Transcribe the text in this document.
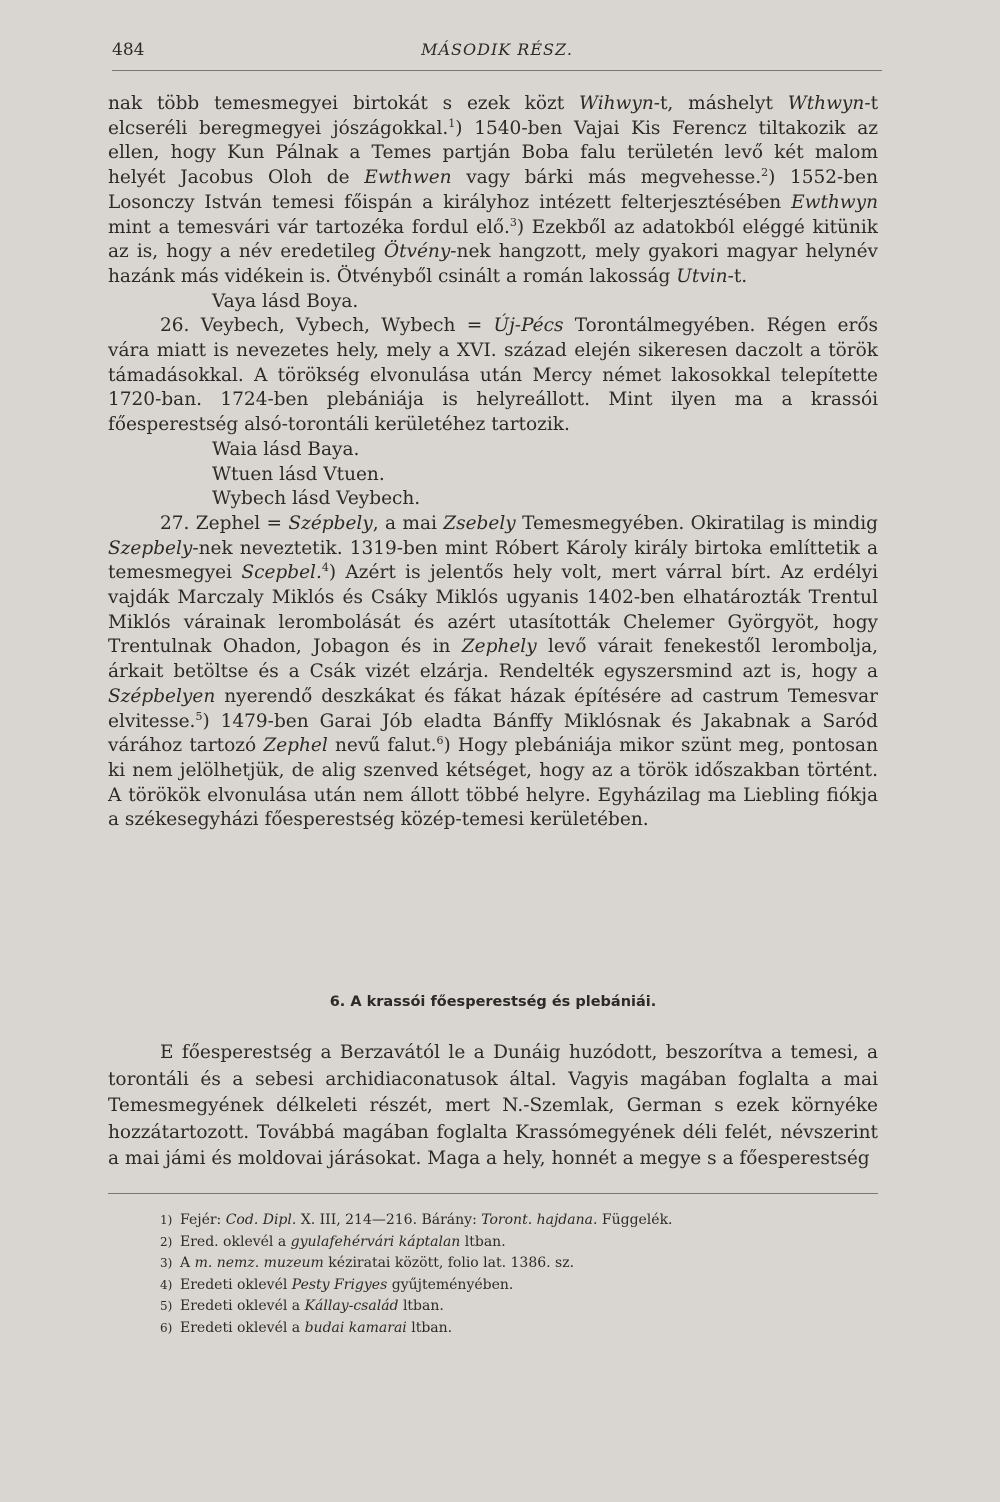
484	MÁSODIK RÉSZ.

nak több temesmegyei birtokát s ezek közt Wihwyn-t, máshelyt Wthwyn-t elcseréli beregmegyei jószágokkal.$^1$) 1540-ben Vajai Kis Ferencz tiltakozik az ellen, hogy Kun Pálnak a Temes partján Boba falu területén levő két malom helyét Jacobus Oloh de Ewthwen vagy bárki más megvehesse.$^2$) 1552-ben Losonczy István temesi főispán a királyhoz intézett felterjesztésében Ewthwyn mint a temesvári vár tartozéka fordul elő.$^3$) Ezekből az adatokból eléggé kitünik az is, hogy a név eredetileg Ötvény-nek hangzott, mely gyakori magyar helynév hazánk más vidékein is. Ötvényből csinált a román lakosság Utvin-t.

Vaya lásd Boya.

26. Veybech, Vybech, Wybech = Új-Pécs Torontálmegyében. Régen erős vára miatt is nevezetes hely, mely a XVI. század elején sikeresen daczolt a török támadásokkal. A törökség elvonulása után Mercy német lakosokkal telepítette 1720-ban. 1724-ben plebániája is helyreállott. Mint ilyen ma a krassói főesperestség alsó-torontáli kerületéhez tartozik.

Waia lásd Baya.

Wtuen lásd Vtuen.

Wybech lásd Veybech.

27. Zephel = Szépbely, a mai Zsebely Temesmegyében. Okiratilag is mindig Szepbely-nek neveztetik. 1319-ben mint Róbert Károly király birtoka említtetik a temesmegyei Scepbel.$^4$) Azért is jelentős hely volt, mert várral bírt. Az erdélyi vajdák Marczaly Miklós és Csáky Miklós ugyanis 1402-ben elhatározták Trentul Miklós várainak lerombolását és azért utasították Chelemer Györgyöt, hogy Trentulnak Ohadon, Jobagon és in Zephely levő várait fenekestől lerombolja, árkait betöltse és a Csák vizét elzárja. Rendelték egyszersmind azt is, hogy a Szépbelyen nyerendő deszkákat és fákat házak építésére ad castrum Temesvar elvitesse.$^5$) 1479-ben Garai Jób eladta Bánffy Miklósnak és Jakabnak a Saród várához tartozó Zephel nevű falut.$^6$) Hogy plebániája mikor szünt meg, pontosan ki nem jelölhetjük, de alig szenved kétséget, hogy az a török időszakban történt. A törökök elvonulása után nem állott többé helyre. Egyházilag ma Liebling fiókja a székesegyházi főesperestség közép-temesi kerületében.

6. A krassói főesperestség és plebániái.

E főesperestség a Berzavától le a Dunáig huzódott, beszorítva a temesi, a torontáli és a sebesi archidiaconatusok által. Vagyis magában foglalta a mai Temesmegyének délkeleti részét, mert N.-Szemlak, German s ezek környéke hozzátartozott. Továbbá magában foglalta Krassómegyének déli felét, névszerint a mai jámi és moldovai járásokat. Maga a hely, honnét a megye s a főesperestség

1) Fejér: Cod. Dipl. X. III, 214—216. Bárány: Toront. hajdana. Függelék.
2) Ered. oklevél a gyulafehérvári káptalan ltban.
3) A m. nemz. muzeum kéziratai között, folio lat. 1386. sz.
4) Eredeti oklevél Pesty Frigyes gyűjteményében.
5) Eredeti oklevél a Kállay-család ltban.
6) Eredeti oklevél a budai kamarai ltban.
